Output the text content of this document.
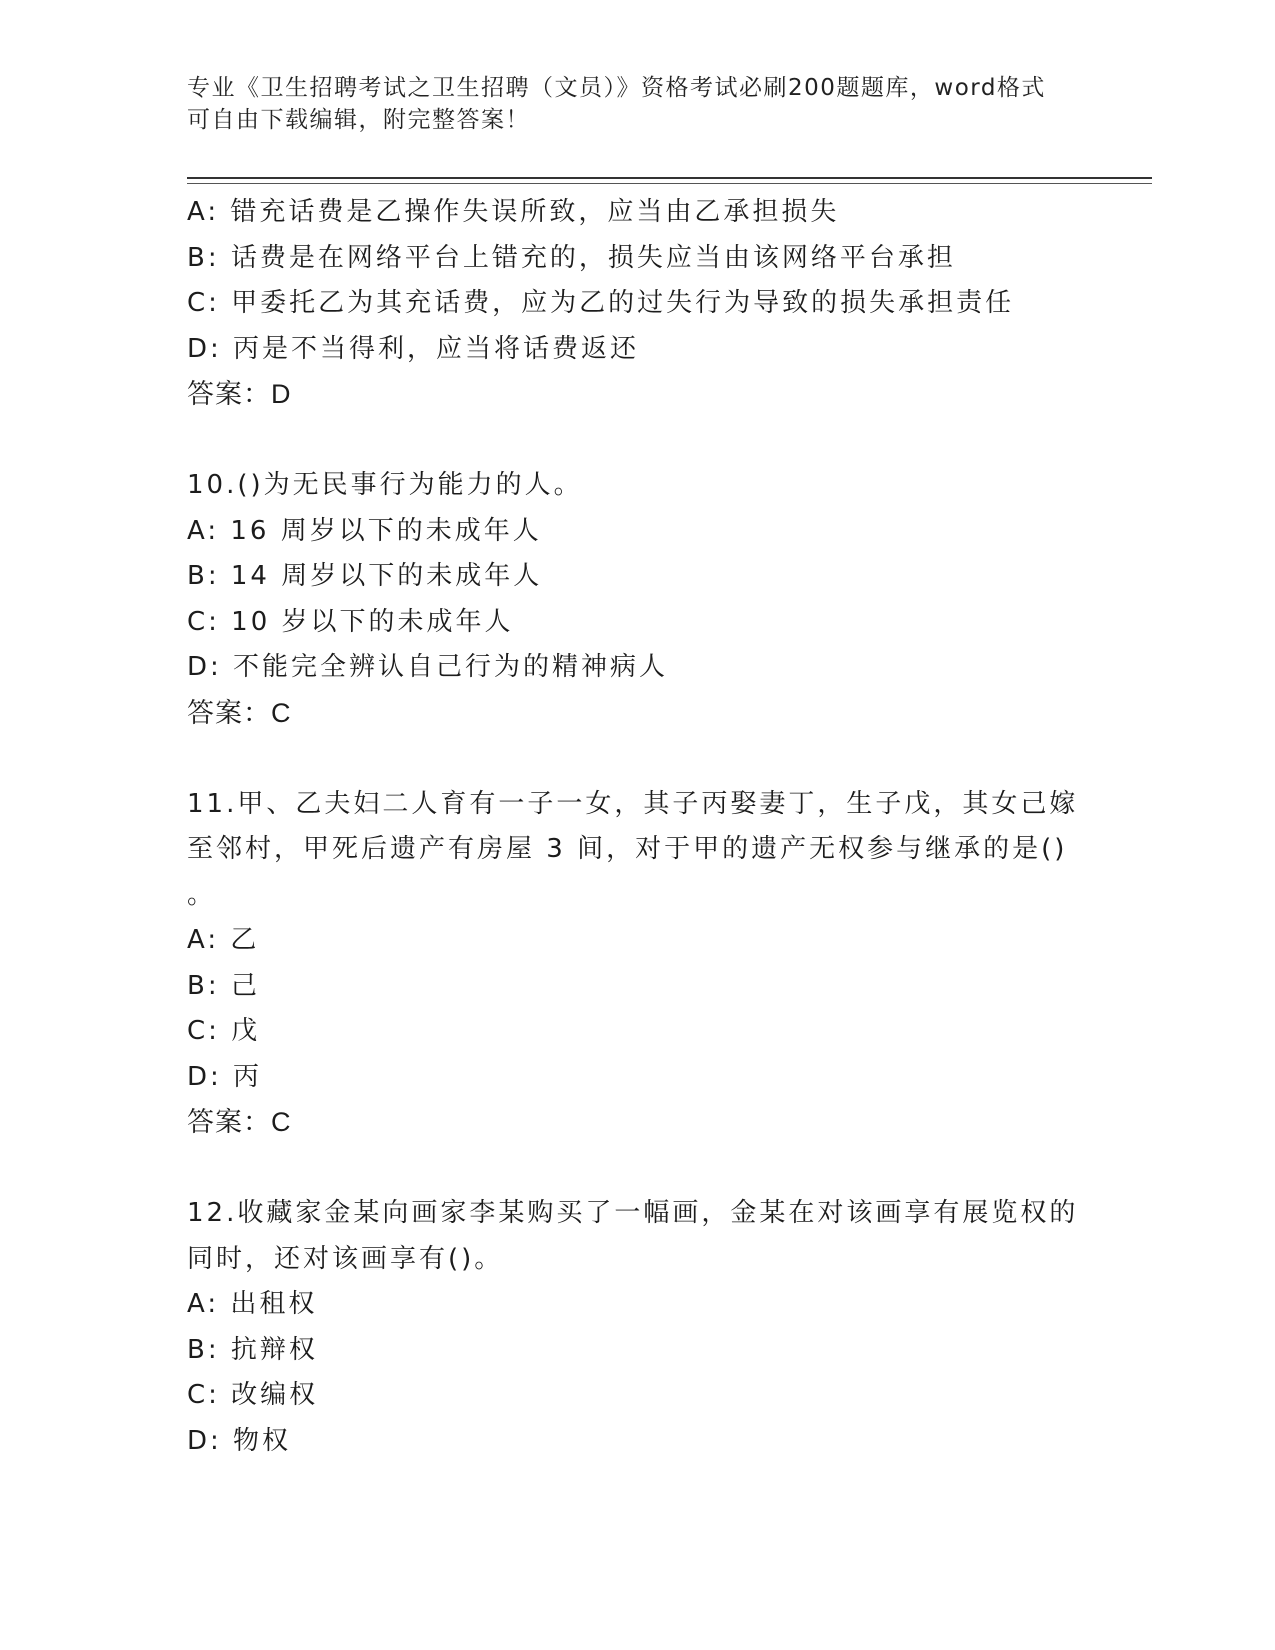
专业《卫生招聘考试之卫生招聘（文员）》资格考试必刷200题题库，word格式
可自由下载编辑，附完整答案！
A: 错充话费是乙操作失误所致，应当由乙承担损失
B: 话费是在网络平台上错充的，损失应当由该网络平台承担
C: 甲委托乙为其充话费，应为乙的过失行为导致的损失承担责任
D: 丙是不当得利，应当将话费返还
答案：D
10.()为无民事行为能力的人。
A: 16 周岁以下的未成年人
B: 14 周岁以下的未成年人
C: 10 岁以下的未成年人
D: 不能完全辨认自己行为的精神病人
答案：C
11.甲、乙夫妇二人育有一子一女，其子丙娶妻丁，生子戊，其女己嫁
至邻村，甲死后遗产有房屋 3 间，对于甲的遗产无权参与继承的是()
。
A: 乙
B: 己
C: 戊
D: 丙
答案：C
12.收藏家金某向画家李某购买了一幅画，金某在对该画享有展览权的
同时，还对该画享有()。
A: 出租权
B: 抗辩权
C: 改编权
D: 物权
